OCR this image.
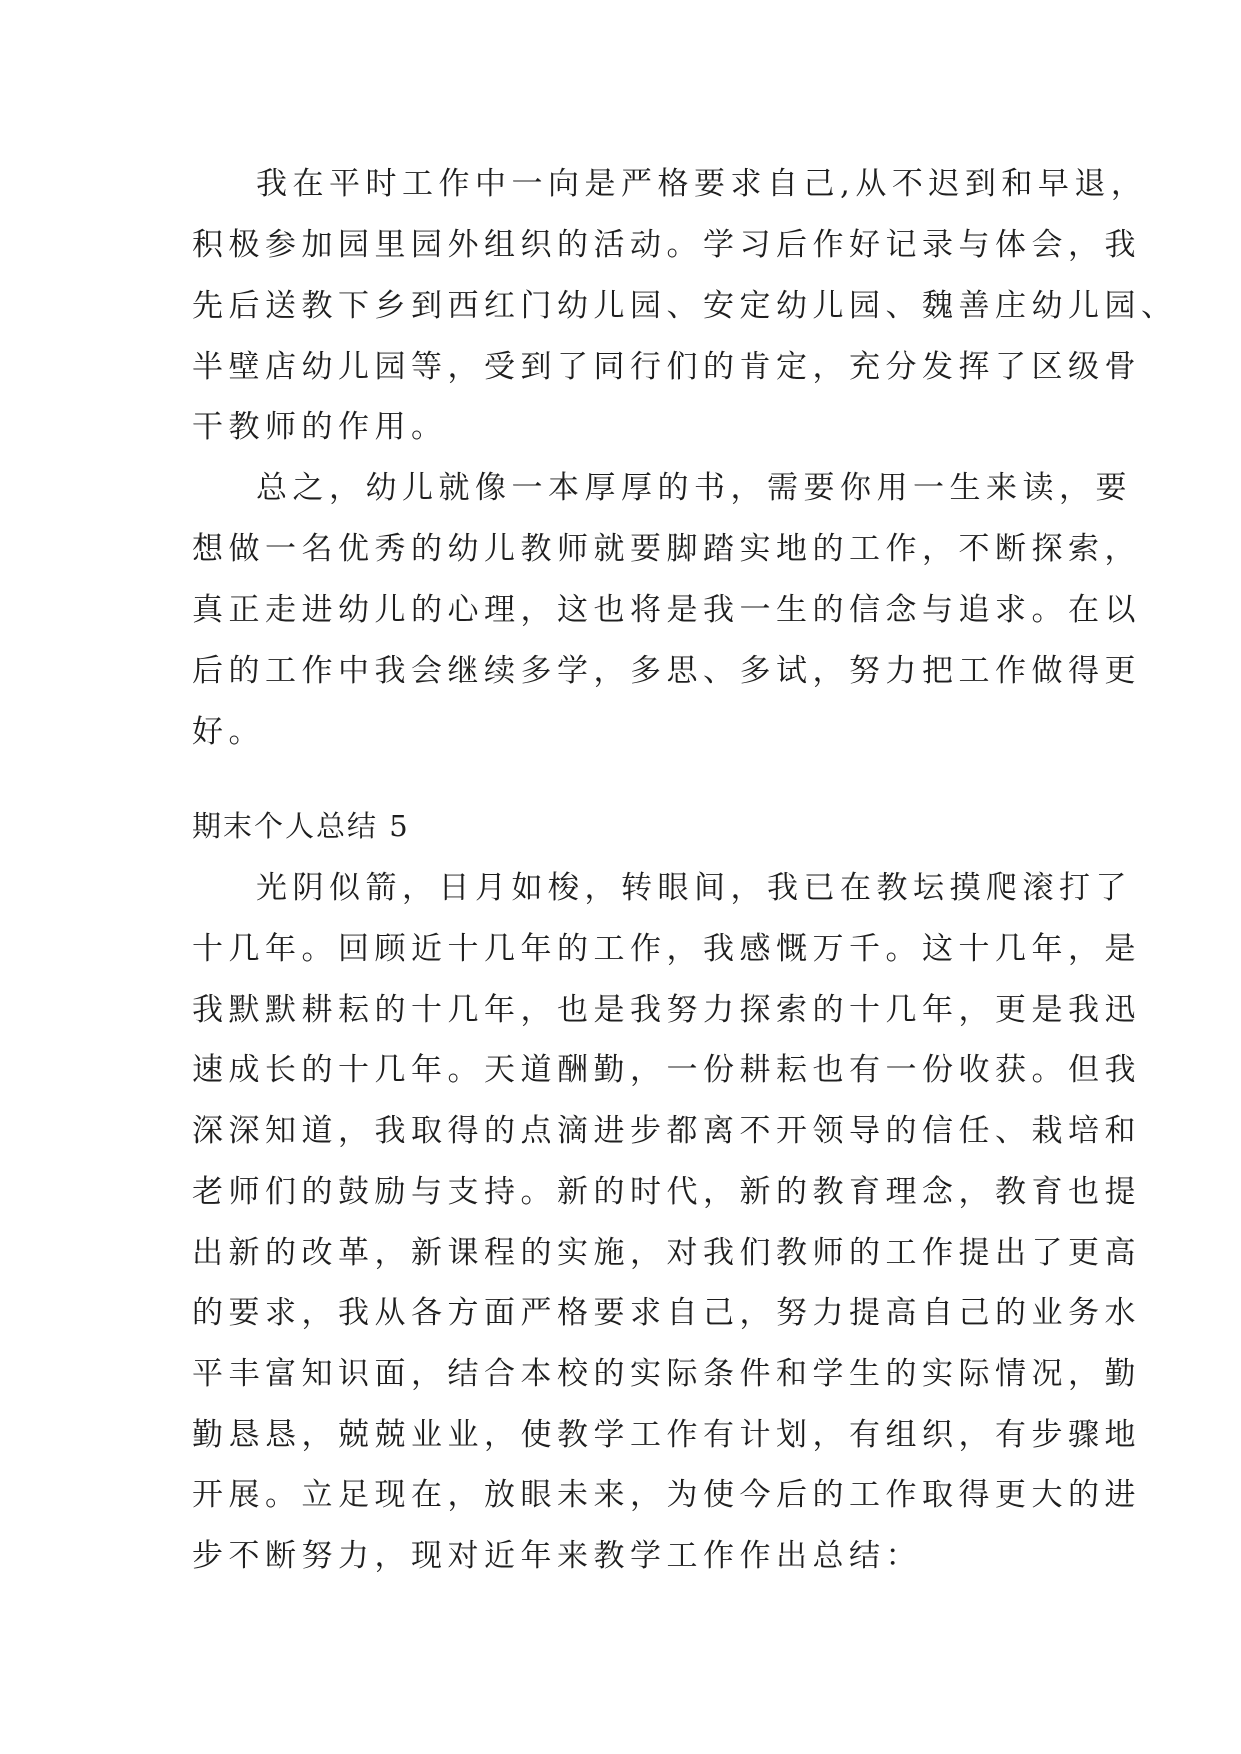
我在平时工作中一向是严格要求自己,从不迟到和早退，
积极参加园里园外组织的活动。学习后作好记录与体会，我
先后送教下乡到西红门幼儿园、安定幼儿园、魏善庄幼儿园、
半壁店幼儿园等，受到了同行们的肯定，充分发挥了区级骨
干教师的作用。
总之，幼儿就像一本厚厚的书，需要你用一生来读，要
想做一名优秀的幼儿教师就要脚踏实地的工作，不断探索，
真正走进幼儿的心理，这也将是我一生的信念与追求。在以
后的工作中我会继续多学，多思、多试，努力把工作做得更
好。
期末个人总结 5
光阴似箭，日月如梭，转眼间，我已在教坛摸爬滚打了
十几年。回顾近十几年的工作，我感慨万千。这十几年，是
我默默耕耘的十几年，也是我努力探索的十几年，更是我迅
速成长的十几年。天道酬勤，一份耕耘也有一份收获。但我
深深知道，我取得的点滴进步都离不开领导的信任、栽培和
老师们的鼓励与支持。新的时代，新的教育理念，教育也提
出新的改革，新课程的实施，对我们教师的工作提出了更高
的要求，我从各方面严格要求自己，努力提高自己的业务水
平丰富知识面，结合本校的实际条件和学生的实际情况，勤
勤恳恳，兢兢业业，使教学工作有计划，有组织，有步骤地
开展。立足现在，放眼未来，为使今后的工作取得更大的进
步不断努力，现对近年来教学工作作出总结：
